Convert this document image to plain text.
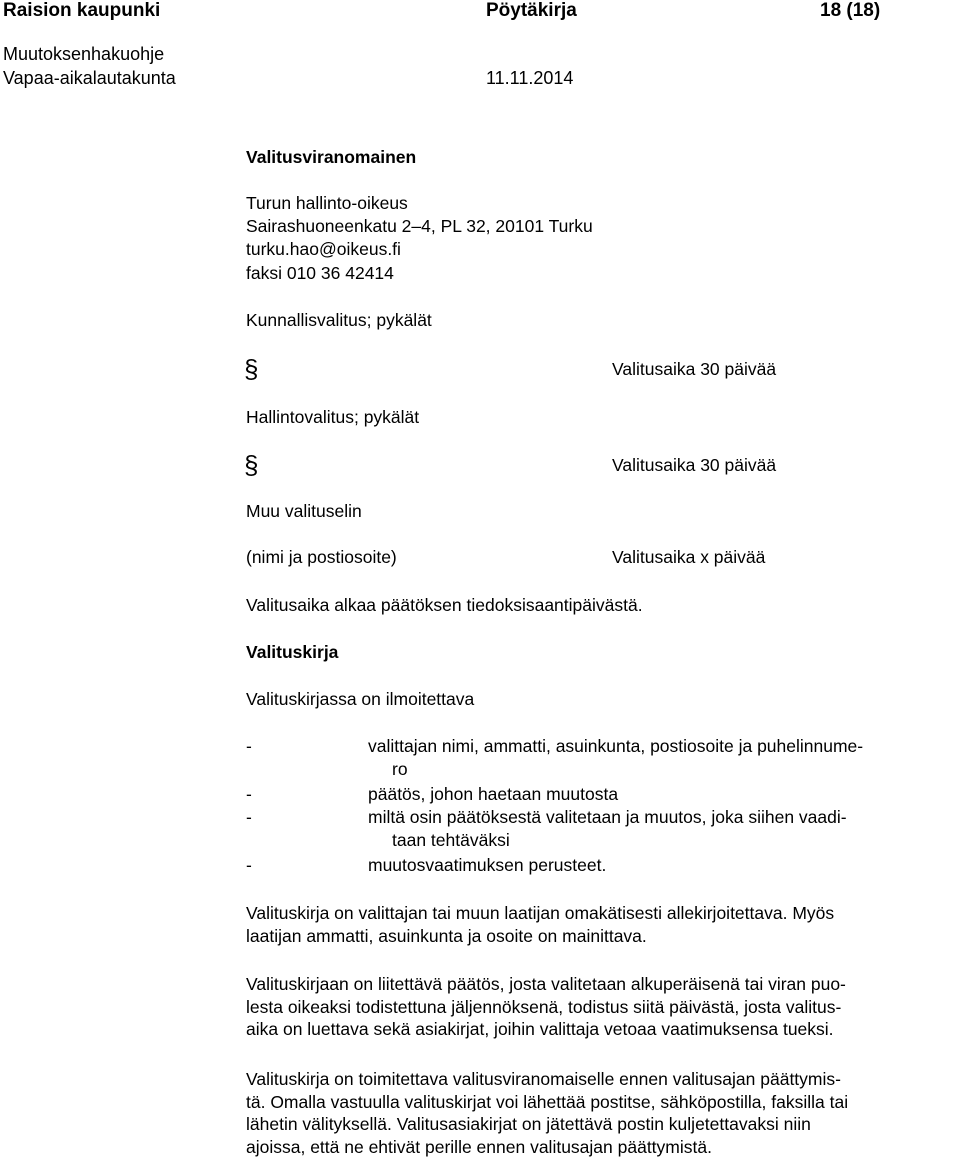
Raision kaupunki	Pöytäkirja	18 (18)
Muutoksenhakuohje
Vapaa-aikalautakunta	11.11.2014
Valitusviranomainen
Turun hallinto-oikeus
Sairashuoneenkatu 2–4, PL 32, 20101 Turku
turku.hao@oikeus.fi
faksi 010 36 42414
Kunnallisvalitus; pykälät
§	Valitusaika 30 päivää
Hallintovalitus; pykälät
§	Valitusaika 30 päivää
Muu valituselin
(nimi ja postiosoite)	Valitusaika x päivää
Valitusaika alkaa päätöksen tiedoksisaantipäivästä.
Valituskirja
Valituskirjassa on ilmoitettava
-	valittajan nimi, ammatti, asuinkunta, postiosoite ja puhelinnume-
ro
-	päätös, johon haetaan muutosta
-	miltä osin päätöksestä valitetaan ja muutos, joka siihen vaadi-
taan tehtäväksi
-	muutosvaatimuksen perusteet.
Valituskirja on valittajan tai muun laatijan omakätisesti allekirjoitettava. Myös
laatijan ammatti, asuinkunta ja osoite on mainittava.
Valituskirjaan on liitettävä päätös, josta valitetaan alkuperäisenä tai viran puo-
lesta oikeaksi todistettuna jäljennöksenä, todistus siitä päivästä, josta valitus-
aika on luettava sekä asiakirjat, joihin valittaja vetoaa vaatimuksensa tueksi.
Valituskirja on toimitettava valitusviranomaiselle ennen valitusajan päättymis-
tä. Omalla vastuulla valituskirjat voi lähettää postitse, sähköpostilla, faksilla tai
lähetin välityksellä. Valitusasiakirjat on jätettävä postin kuljetettavaksi niin
ajoissa, että ne ehtivät perille ennen valitusajan päättymistä.
